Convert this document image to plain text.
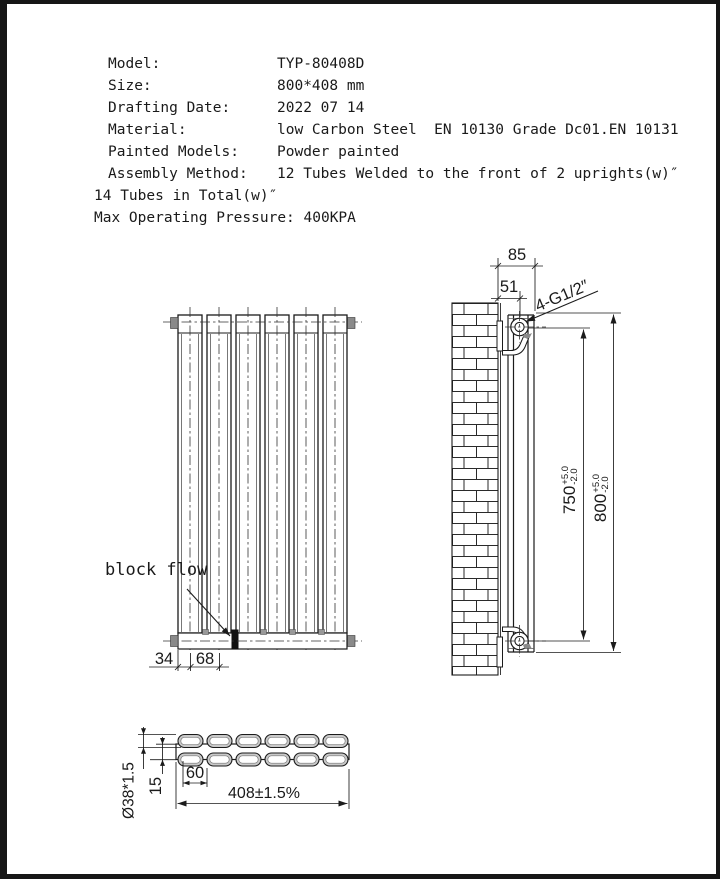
Model:	TYP-80408D
Size:	800*408 mm
Drafting Date:	2022 07 14
Material:	low Carbon Steel  EN 10130 Grade Dc01.EN 10131
Painted Models:	Powder painted
Assembly Method:	12 Tubes Welded to the front of 2 uprights(w)″
14 Tubes in Total(w)″
Max Operating Pressure: 400KPA
block flow
34 68
85
51 4-G1/2″
750
+5.0
-2.0
800
+5.0
-2.0
Ø38*1.5 15
60
408±1.5%
